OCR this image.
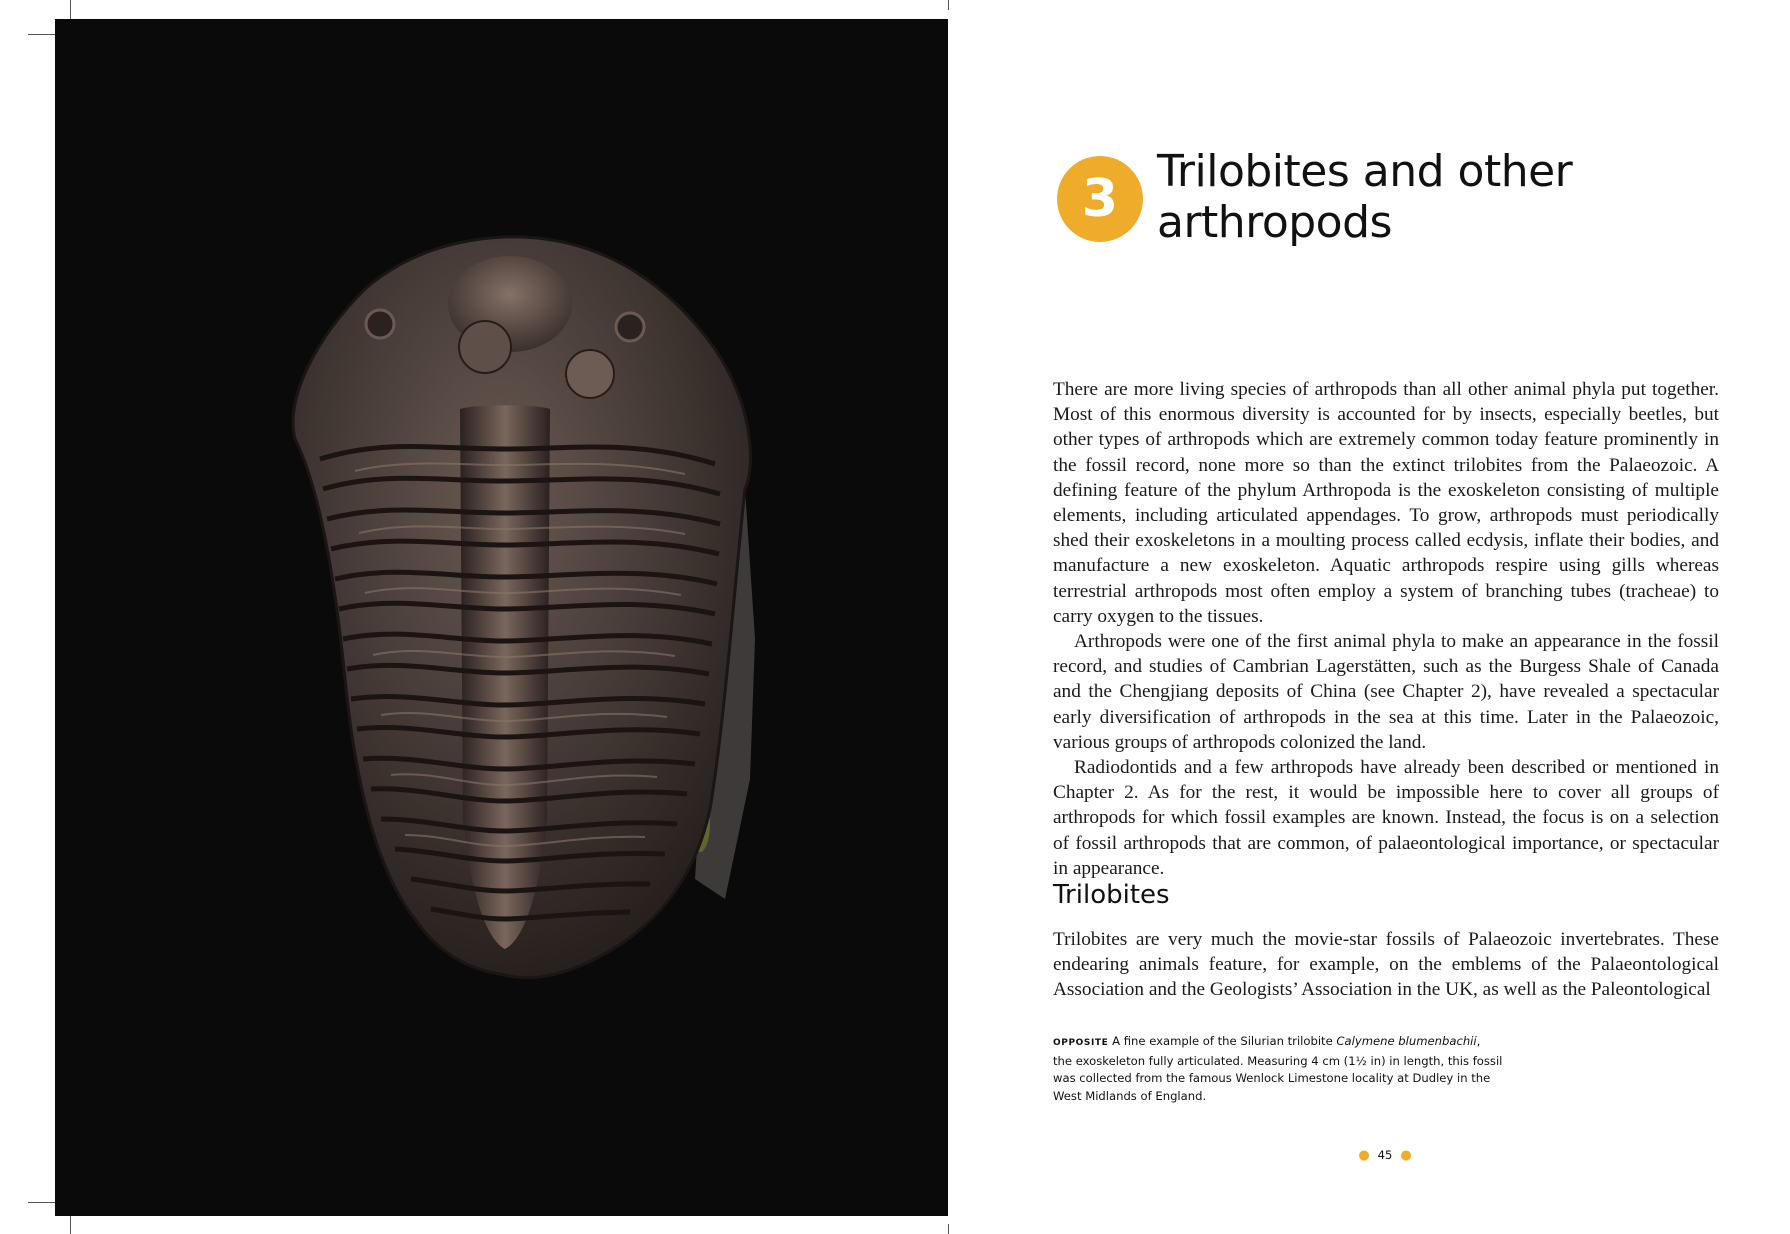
3 Trilobites and other arthropods

There are more living species of arthropods than all other animal phyla put together. Most of this enormous diversity is accounted for by insects, especially beetles, but other types of arthropods which are extremely common today feature prominently in the fossil record, none more so than the extinct trilobites from the Palaeozoic. A defining feature of the phylum Arthropoda is the exoskeleton consisting of multiple elements, including articulated appendages. To grow, arthropods must periodically shed their exoskeletons in a moulting process called ecdysis, inflate their bodies, and manufacture a new exoskeleton. Aquatic arthropods respire using gills whereas terrestrial arthropods most often employ a system of branching tubes (tracheae) to carry oxygen to the tissues.

Arthropods were one of the first animal phyla to make an appearance in the fossil record, and studies of Cambrian Lagerstätten, such as the Burgess Shale of Canada and the Chengjiang deposits of China (see Chapter 2), have revealed a spectacular early diversification of arthropods in the sea at this time. Later in the Palaeozoic, various groups of arthropods colonized the land.

Radiodontids and a few arthropods have already been described or mentioned in Chapter 2. As for the rest, it would be impossible here to cover all groups of arthropods for which fossil examples are known. Instead, the focus is on a selection of fossil arthropods that are common, of palaeontological importance, or spectacular in appearance.

Trilobites

Trilobites are very much the movie-star fossils of Palaeozoic invertebrates. These endearing animals feature, for example, on the emblems of the Palaeontological Association and the Geologists’ Association in the UK, as well as the Paleontological

OPPOSITE A fine example of the Silurian trilobite Calymene blumenbachii, the exoskeleton fully articulated. Measuring 4 cm (1½ in) in length, this fossil was collected from the famous Wenlock Limestone locality at Dudley in the West Midlands of England.
● 45 ●
